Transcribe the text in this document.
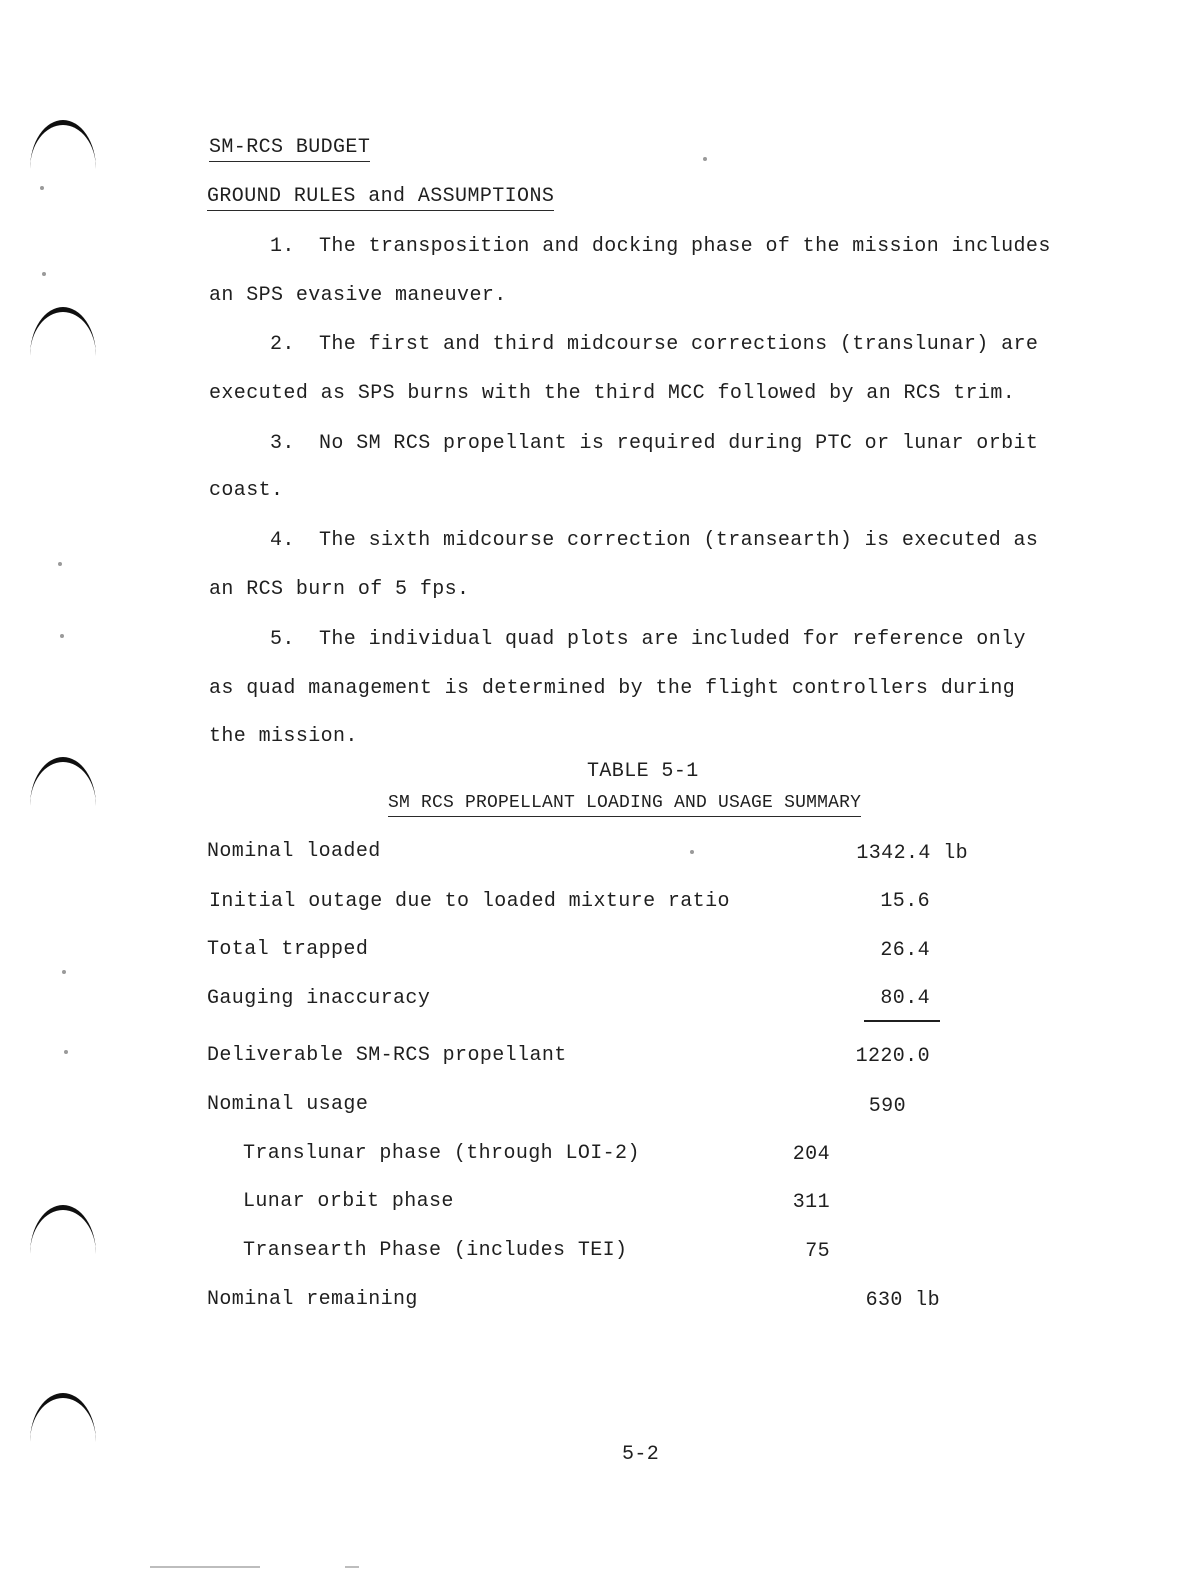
SM-RCS BUDGET
GROUND RULES and ASSUMPTIONS
1. The transposition and docking phase of the mission includes
an SPS evasive maneuver.
2. The first and third midcourse corrections (translunar) are
executed as SPS burns with the third MCC followed by an RCS trim.
3. No SM RCS propellant is required during PTC or lunar orbit
coast.
4. The sixth midcourse correction (transearth) is executed as
an RCS burn of 5 fps.
5. The individual quad plots are included for reference only
as quad management is determined by the flight controllers during
the mission.
TABLE 5-1
SM RCS PROPELLANT LOADING AND USAGE SUMMARY
Nominal loaded	1342.4 lb
Initial outage due to loaded mixture ratio	15.6
Total trapped	26.4
Gauging inaccuracy	80.4
Deliverable SM-RCS propellant	1220.0
Nominal usage	590
Translunar phase (through LOI-2)	204
Lunar orbit phase	311
Transearth Phase (includes TEI)	75
Nominal remaining	630 lb
5-2
